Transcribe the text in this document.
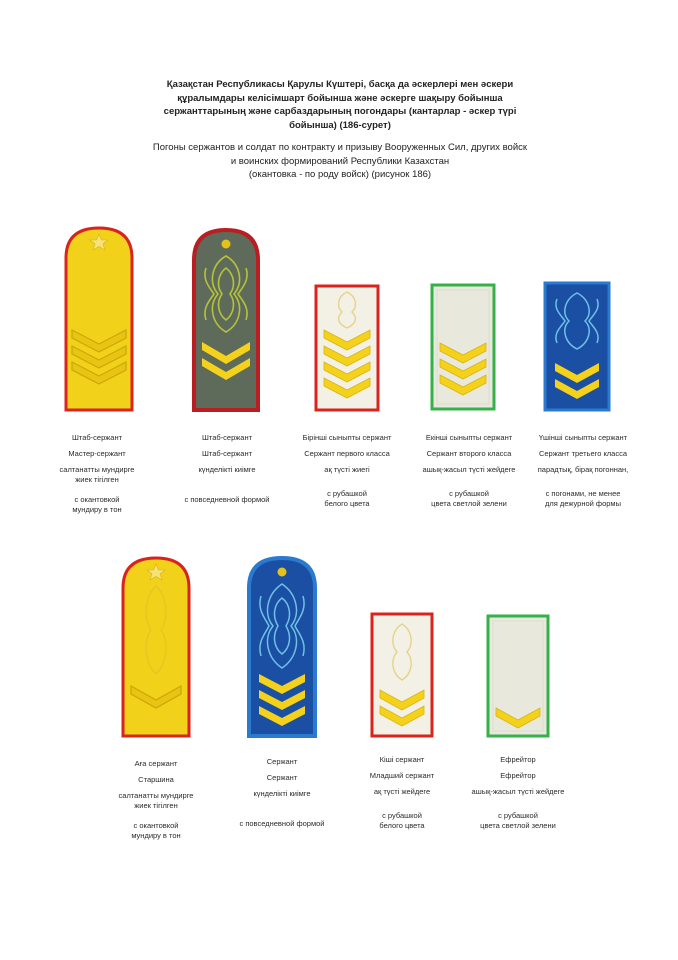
Қазақстан Республикасы Қарулы Күштері, басқа да әскерлері мен әскери
құралымдары келісімшарт бойынша және әскерге шақыру бойынша
сержанттарының және сарбаздарының погондары (кантарлар - әскер түрі
бойынша) (186-сурет)
Погоны сержантов и солдат по контракту и призыву Вооруженных Сил, других войск
и воинских формирований Республики Казахстан
(окантовка - по роду войск) (рисунок 186)
Штаб-сержант
Мастер-сержант
салтанатты мундирге
жиек тігілген
с окантовкой
мундиру в тон
Штаб-сержант
Штаб-сержант
күнделікті киімге
с повседневной формой
Бірінші сыныпты сержант
Сержант первого класса
ақ түсті жиегі
с рубашкой
белого цвета
Екінші сыныпты сержант
Сержант второго класса
ашық-жасыл түсті жейдеге
с рубашкой
цвета светлой зелени
Үшінші сыныпты сержант
Сержант третьего класса
парадтық, бірақ погоннан,
с погонами, не менее
для дежурной формы
Аға сержант
Старшина
салтанатты мундирге
жиек тігілген
с окантовкой
мундиру в тон
Сержант
Сержант
күнделікті киімге
с повседневной формой
Кіші сержант
Младший сержант
ақ түсті жейдеге
с рубашкой
белого цвета
Ефрейтор
Ефрейтор
ашық-жасыл түсті жейдеге
с рубашкой
цвета светлой зелени
